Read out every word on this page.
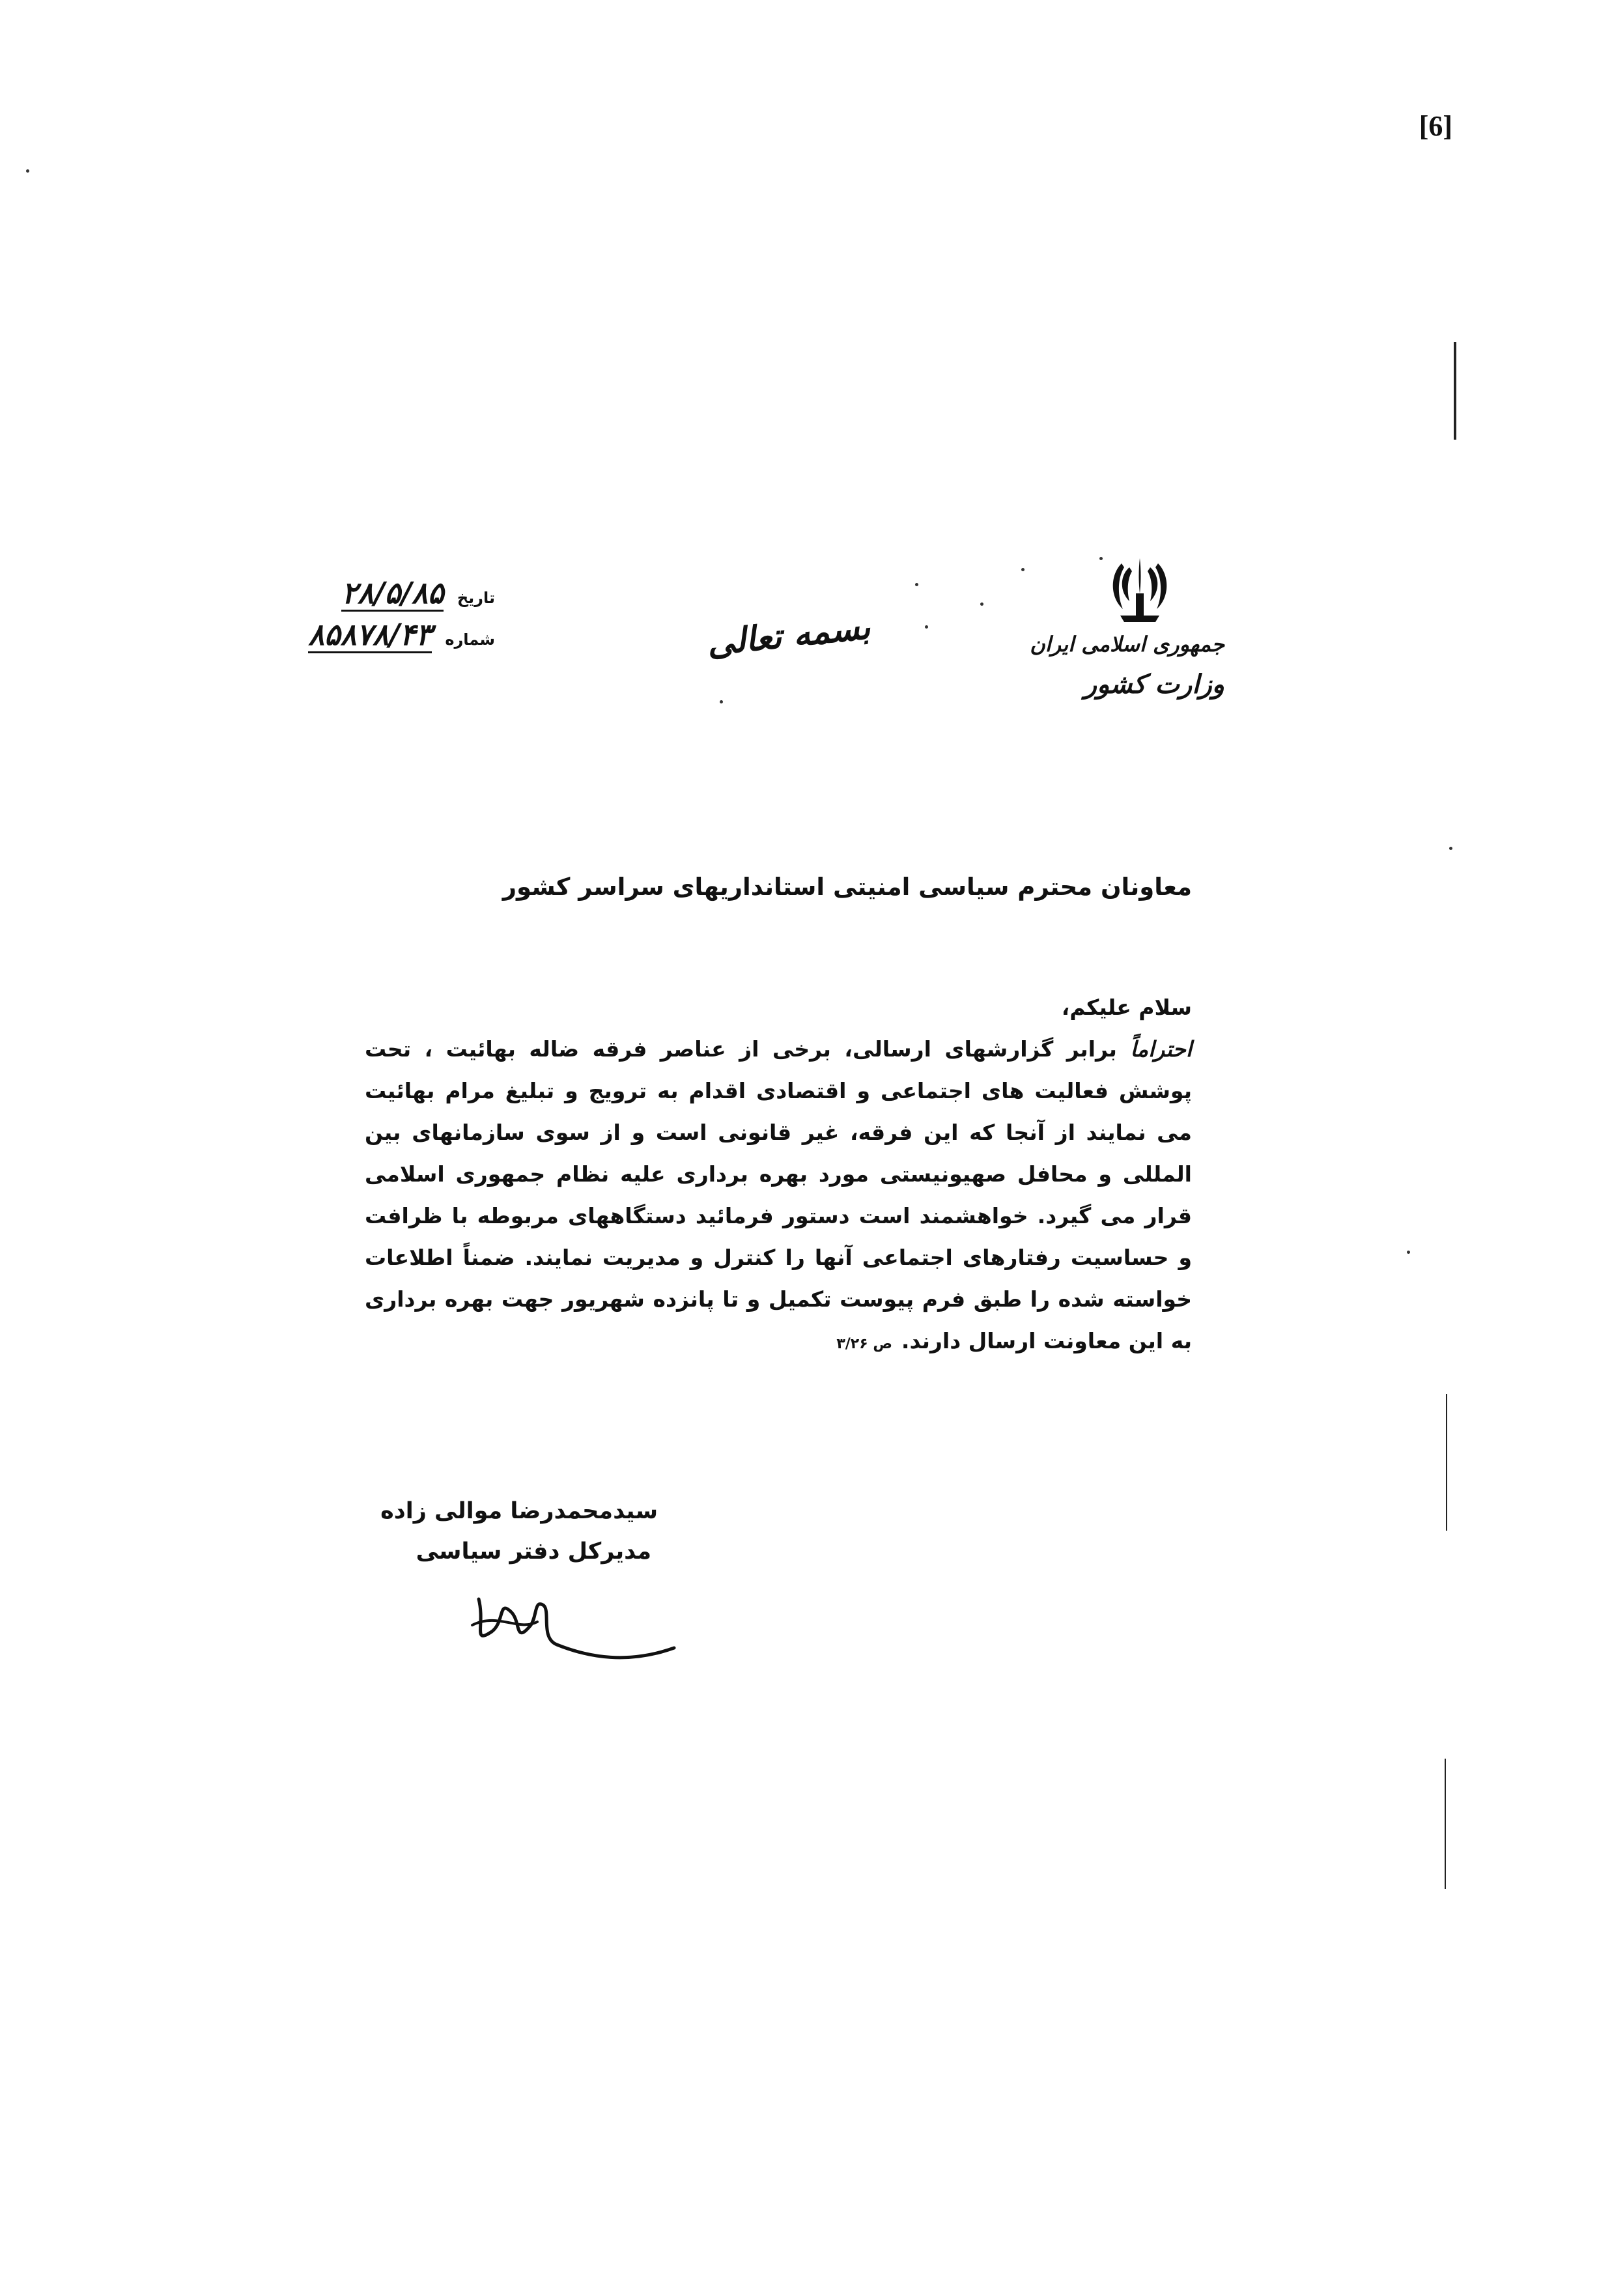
[6]
جمهوری اسلامی ایران
وزارت کشور
بسمه تعالی
تاریخ ۲۸/۵/۸۵
شماره ۸۵۸۷۸/۴۳
معاونان محترم سیاسی امنیتی استانداریهای سراسر کشور

سلام علیکم،

احتراماً برابر گزارشهای ارسالی، برخی از عناصر فرقه ضاله بهائیت ، تحت پوشش فعالیت های اجتماعی و اقتصادی اقدام به ترویج و تبلیغ مرام بهائیت می نمایند از آنجا که این فرقه، غیر قانونی است و از سوی سازمانهای بین المللی و محافل صهیونیستی مورد بهره برداری علیه نظام جمهوری اسلامی قرار می گیرد. خواهشمند است دستور فرمائید دستگاههای مربوطه با ظرافت و حساسیت رفتارهای اجتماعی آنها را کنترل و مدیریت نمایند. ضمناً اطلاعات خواسته شده را طبق فرم پیوست تکمیل و تا پانزده شهریور جهت بهره برداری به این معاونت ارسال دارند.ص ۳/۲۶

سیدمحمدرضا موالی زاده
مدیرکل دفتر سیاسی
